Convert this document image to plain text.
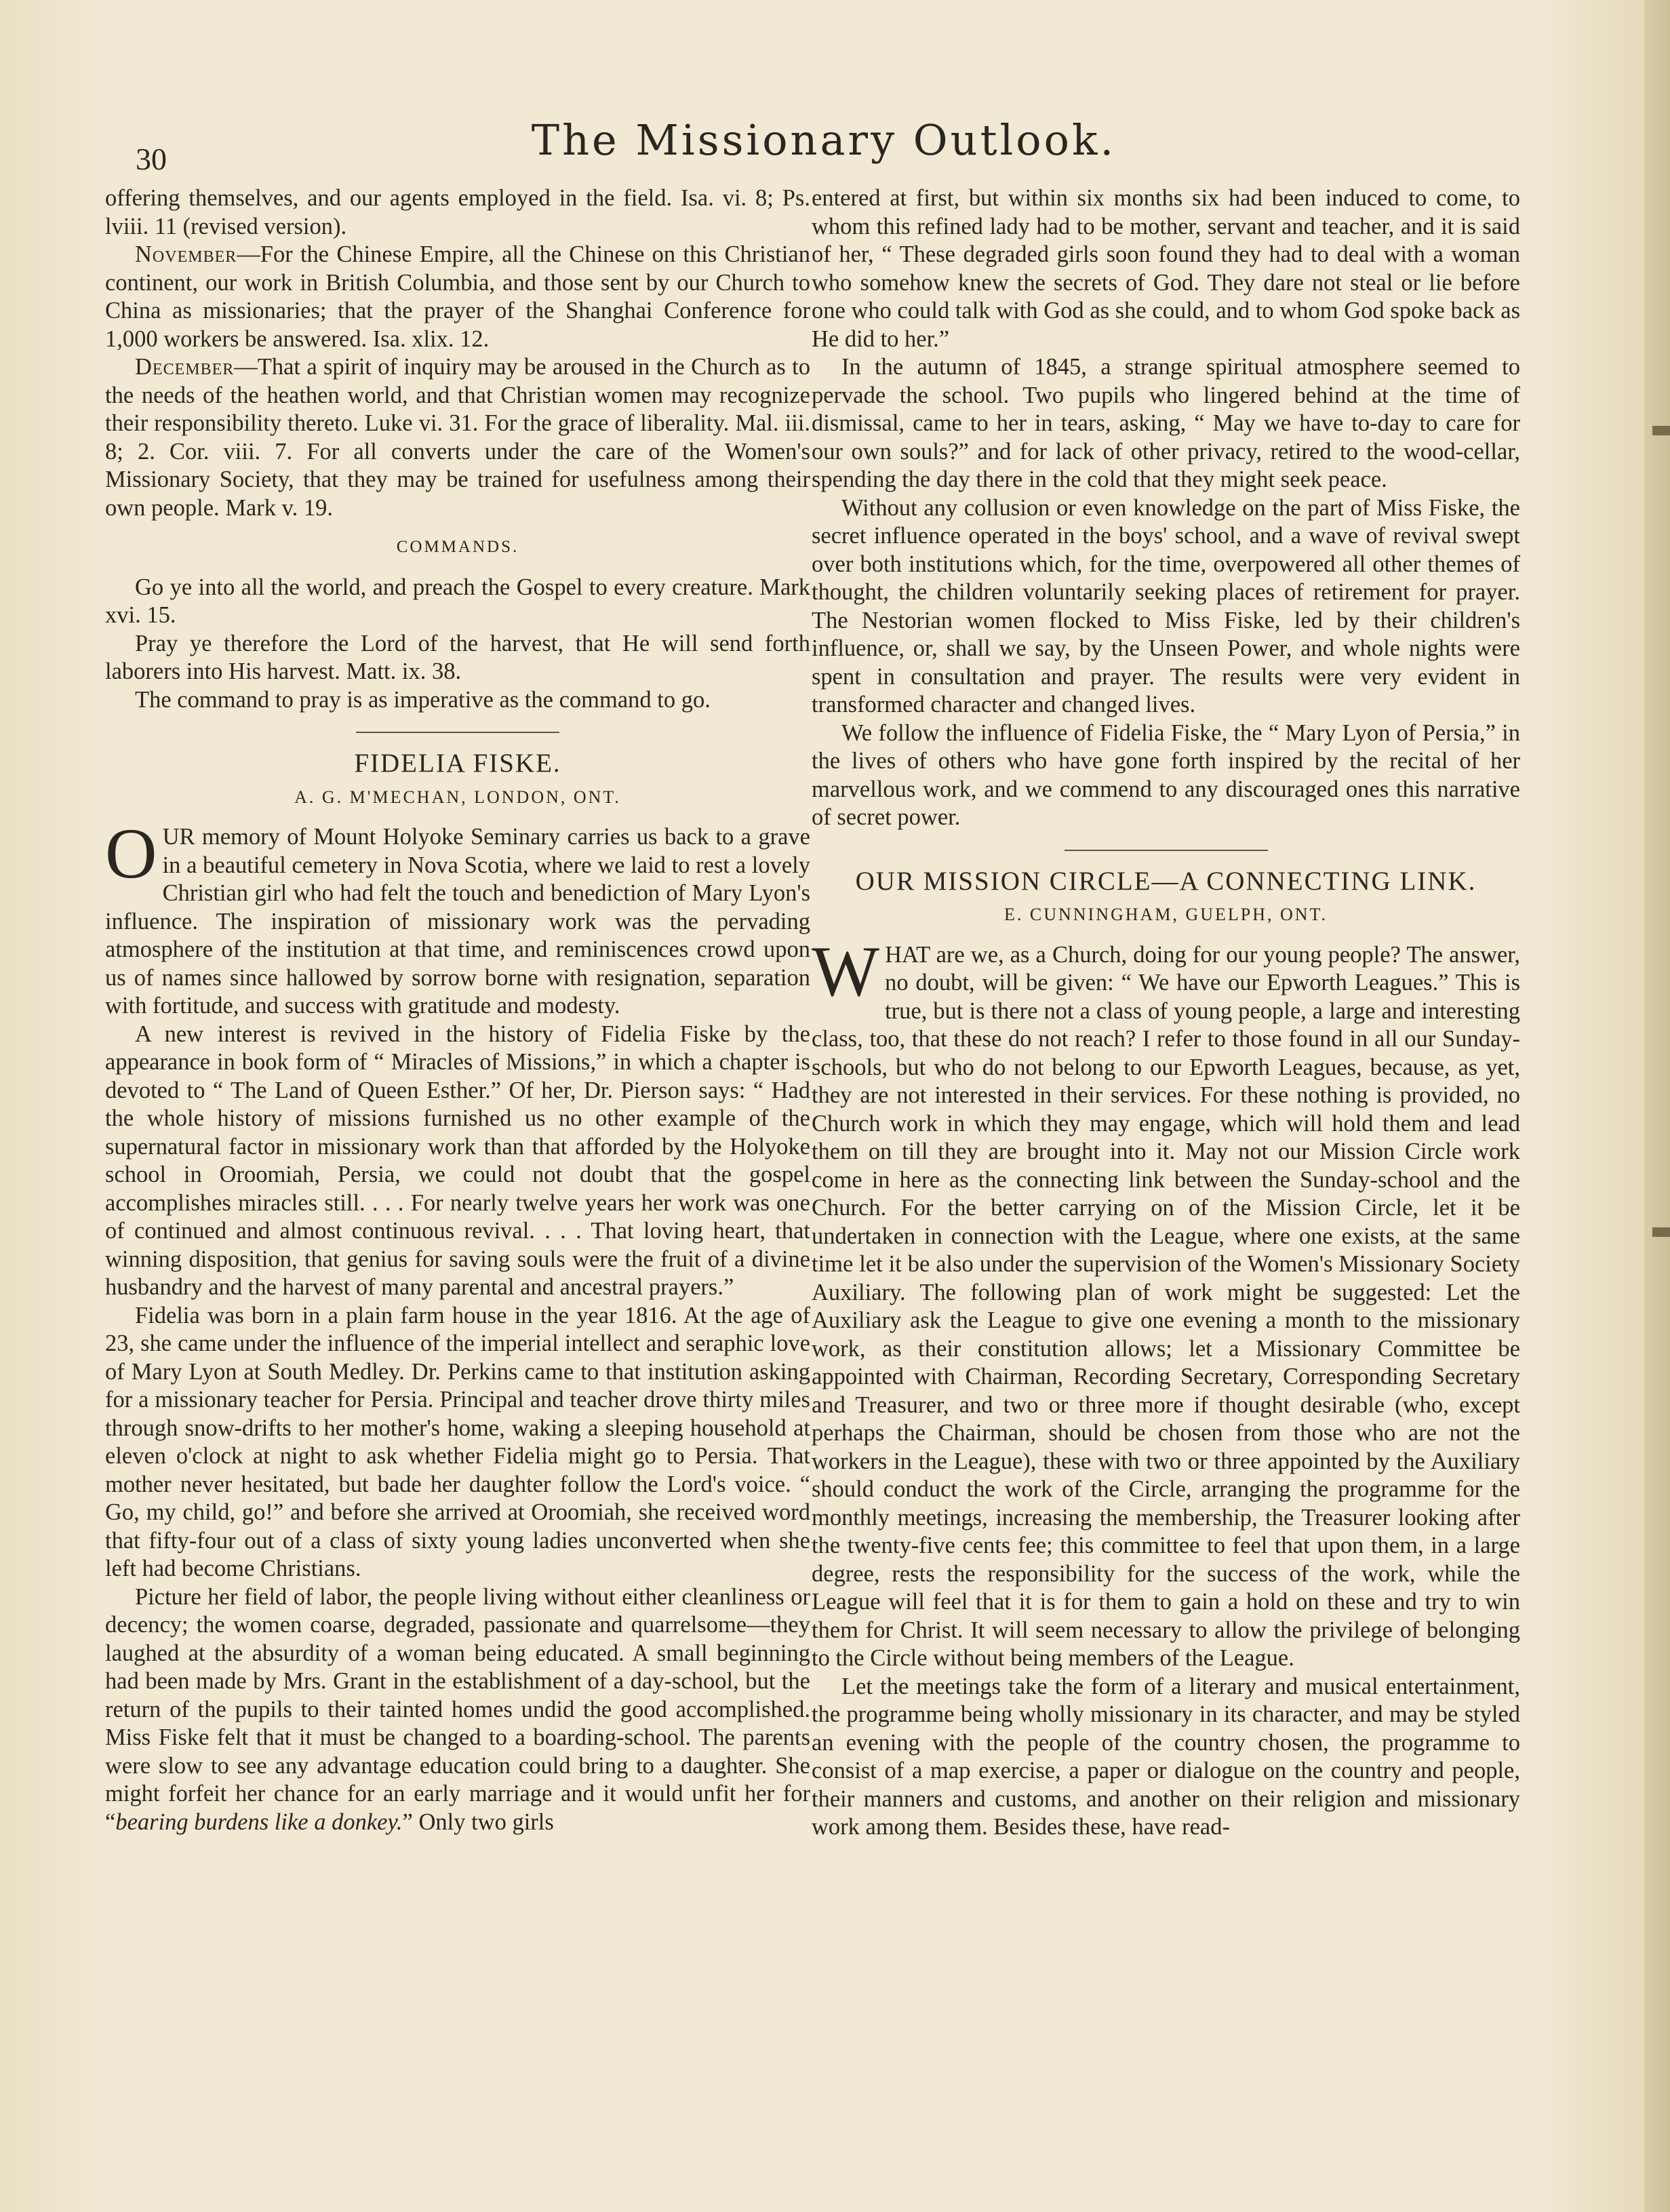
30	The Missionary Outlook.

offering themselves, and our agents employed in the field. Isa. vi. 8; Ps. lviii. 11 (revised version).

November—For the Chinese Empire, all the Chinese on this Christian continent, our work in British Columbia, and those sent by our Church to China as missionaries; that the prayer of the Shanghai Conference for 1,000 workers be answered. Isa. xlix. 12.

December—That a spirit of inquiry may be aroused in the Church as to the needs of the heathen world, and that Christian women may recognize their responsibility thereto. Luke vi. 31. For the grace of liberality. Mal. iii. 8; 2. Cor. viii. 7. For all converts under the care of the Women's Missionary Society, that they may be trained for usefulness among their own people. Mark v. 19.

COMMANDS.

Go ye into all the world, and preach the Gospel to every creature. Mark xvi. 15.

Pray ye therefore the Lord of the harvest, that He will send forth laborers into His harvest. Matt. ix. 38.

The command to pray is as imperative as the command to go.

FIDELIA FISKE.
A. G. M'MECHAN, LONDON, ONT.

OUR memory of Mount Holyoke Seminary carries us back to a grave in a beautiful cemetery in Nova Scotia, where we laid to rest a lovely Christian girl who had felt the touch and benediction of Mary Lyon's influence. The inspiration of missionary work was the pervading atmosphere of the institution at that time, and reminiscences crowd upon us of names since hallowed by sorrow borne with resignation, separation with fortitude, and success with gratitude and modesty.

A new interest is revived in the history of Fidelia Fiske by the appearance in book form of “ Miracles of Missions,” in which a chapter is devoted to “ The Land of Queen Esther.” Of her, Dr. Pierson says: “ Had the whole history of missions furnished us no other example of the supernatural factor in missionary work than that afforded by the Holyoke school in Oroomiah, Persia, we could not doubt that the gospel accomplishes miracles still. . . . For nearly twelve years her work was one of continued and almost continuous revival. . . . That loving heart, that winning disposition, that genius for saving souls were the fruit of a divine husbandry and the harvest of many parental and ancestral prayers.”

Fidelia was born in a plain farm house in the year 1816. At the age of 23, she came under the influence of the imperial intellect and seraphic love of Mary Lyon at South Medley. Dr. Perkins came to that institution asking for a missionary teacher for Persia. Principal and teacher drove thirty miles through snow-drifts to her mother's home, waking a sleeping household at eleven o'clock at night to ask whether Fidelia might go to Persia. That mother never hesitated, but bade her daughter follow the Lord's voice. “ Go, my child, go!” and before she arrived at Oroomiah, she received word that fifty-four out of a class of sixty young ladies unconverted when she left had become Christians.

Picture her field of labor, the people living without either cleanliness or decency; the women coarse, degraded, passionate and quarrelsome—they laughed at the absurdity of a woman being educated. A small beginning had been made by Mrs. Grant in the establishment of a day-school, but the return of the pupils to their tainted homes undid the good accomplished. Miss Fiske felt that it must be changed to a boarding-school. The parents were slow to see any advantage education could bring to a daughter. She might forfeit her chance for an early marriage and it would unfit her for “bearing burdens like a donkey.” Only two girls

entered at first, but within six months six had been induced to come, to whom this refined lady had to be mother, servant and teacher, and it is said of her, “ These degraded girls soon found they had to deal with a woman who somehow knew the secrets of God. They dare not steal or lie before one who could talk with God as she could, and to whom God spoke back as He did to her.”

In the autumn of 1845, a strange spiritual atmosphere seemed to pervade the school. Two pupils who lingered behind at the time of dismissal, came to her in tears, asking, “ May we have to-day to care for our own souls?” and for lack of other privacy, retired to the wood-cellar, spending the day there in the cold that they might seek peace.

Without any collusion or even knowledge on the part of Miss Fiske, the secret influence operated in the boys' school, and a wave of revival swept over both institutions which, for the time, overpowered all other themes of thought, the children voluntarily seeking places of retirement for prayer. The Nestorian women flocked to Miss Fiske, led by their children's influence, or, shall we say, by the Unseen Power, and whole nights were spent in consultation and prayer. The results were very evident in transformed character and changed lives.

We follow the influence of Fidelia Fiske, the “ Mary Lyon of Persia,” in the lives of others who have gone forth inspired by the recital of her marvellous work, and we commend to any discouraged ones this narrative of secret power.

OUR MISSION CIRCLE—A CONNECTING LINK.
E. CUNNINGHAM, GUELPH, ONT.

WHAT are we, as a Church, doing for our young people? The answer, no doubt, will be given: “ We have our Epworth Leagues.” This is true, but is there not a class of young people, a large and interesting class, too, that these do not reach? I refer to those found in all our Sunday-schools, but who do not belong to our Epworth Leagues, because, as yet, they are not interested in their services. For these nothing is provided, no Church work in which they may engage, which will hold them and lead them on till they are brought into it. May not our Mission Circle work come in here as the connecting link between the Sunday-school and the Church. For the better carrying on of the Mission Circle, let it be undertaken in connection with the League, where one exists, at the same time let it be also under the supervision of the Women's Missionary Society Auxiliary. The following plan of work might be suggested: Let the Auxiliary ask the League to give one evening a month to the missionary work, as their constitution allows; let a Missionary Committee be appointed with Chairman, Recording Secretary, Corresponding Secretary and Treasurer, and two or three more if thought desirable (who, except perhaps the Chairman, should be chosen from those who are not the workers in the League), these with two or three appointed by the Auxiliary should conduct the work of the Circle, arranging the programme for the monthly meetings, increasing the membership, the Treasurer looking after the twenty-five cents fee; this committee to feel that upon them, in a large degree, rests the responsibility for the success of the work, while the League will feel that it is for them to gain a hold on these and try to win them for Christ. It will seem necessary to allow the privilege of belonging to the Circle without being members of the League.

Let the meetings take the form of a literary and musical entertainment, the programme being wholly missionary in its character, and may be styled an evening with the people of the country chosen, the programme to consist of a map exercise, a paper or dialogue on the country and people, their manners and customs, and another on their religion and missionary work among them. Besides these, have read-
